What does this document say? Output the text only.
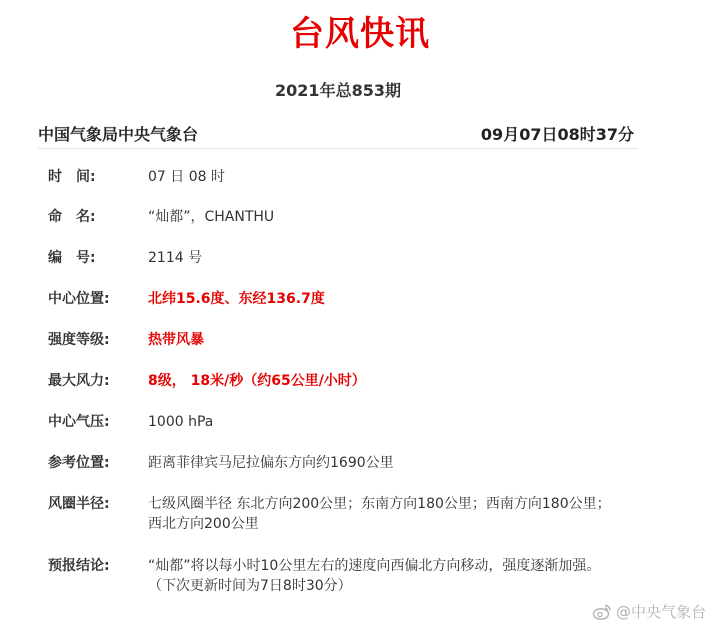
台风快讯
2021年总853期
中国气象局中央气象台	09月07日08时37分
时　间:	07 日 08 时
命　名:	“灿都”，CHANTHU
编　号:	2114 号
中心位置:	北纬15.6度、东经136.7度
强度等级:	热带风暴
最大风力:	8级， 18米/秒（约65公里/小时）
中心气压:	1000 hPa
参考位置:	距离菲律宾马尼拉偏东方向约1690公里
风圈半径:	七级风圈半径 东北方向200公里；东南方向180公里；西南方向180公里；西北方向200公里
预报结论:	“灿都”将以每小时10公里左右的速度向西偏北方向移动，强度逐渐加强。
（下次更新时间为7日8时30分）
@中央气象台
